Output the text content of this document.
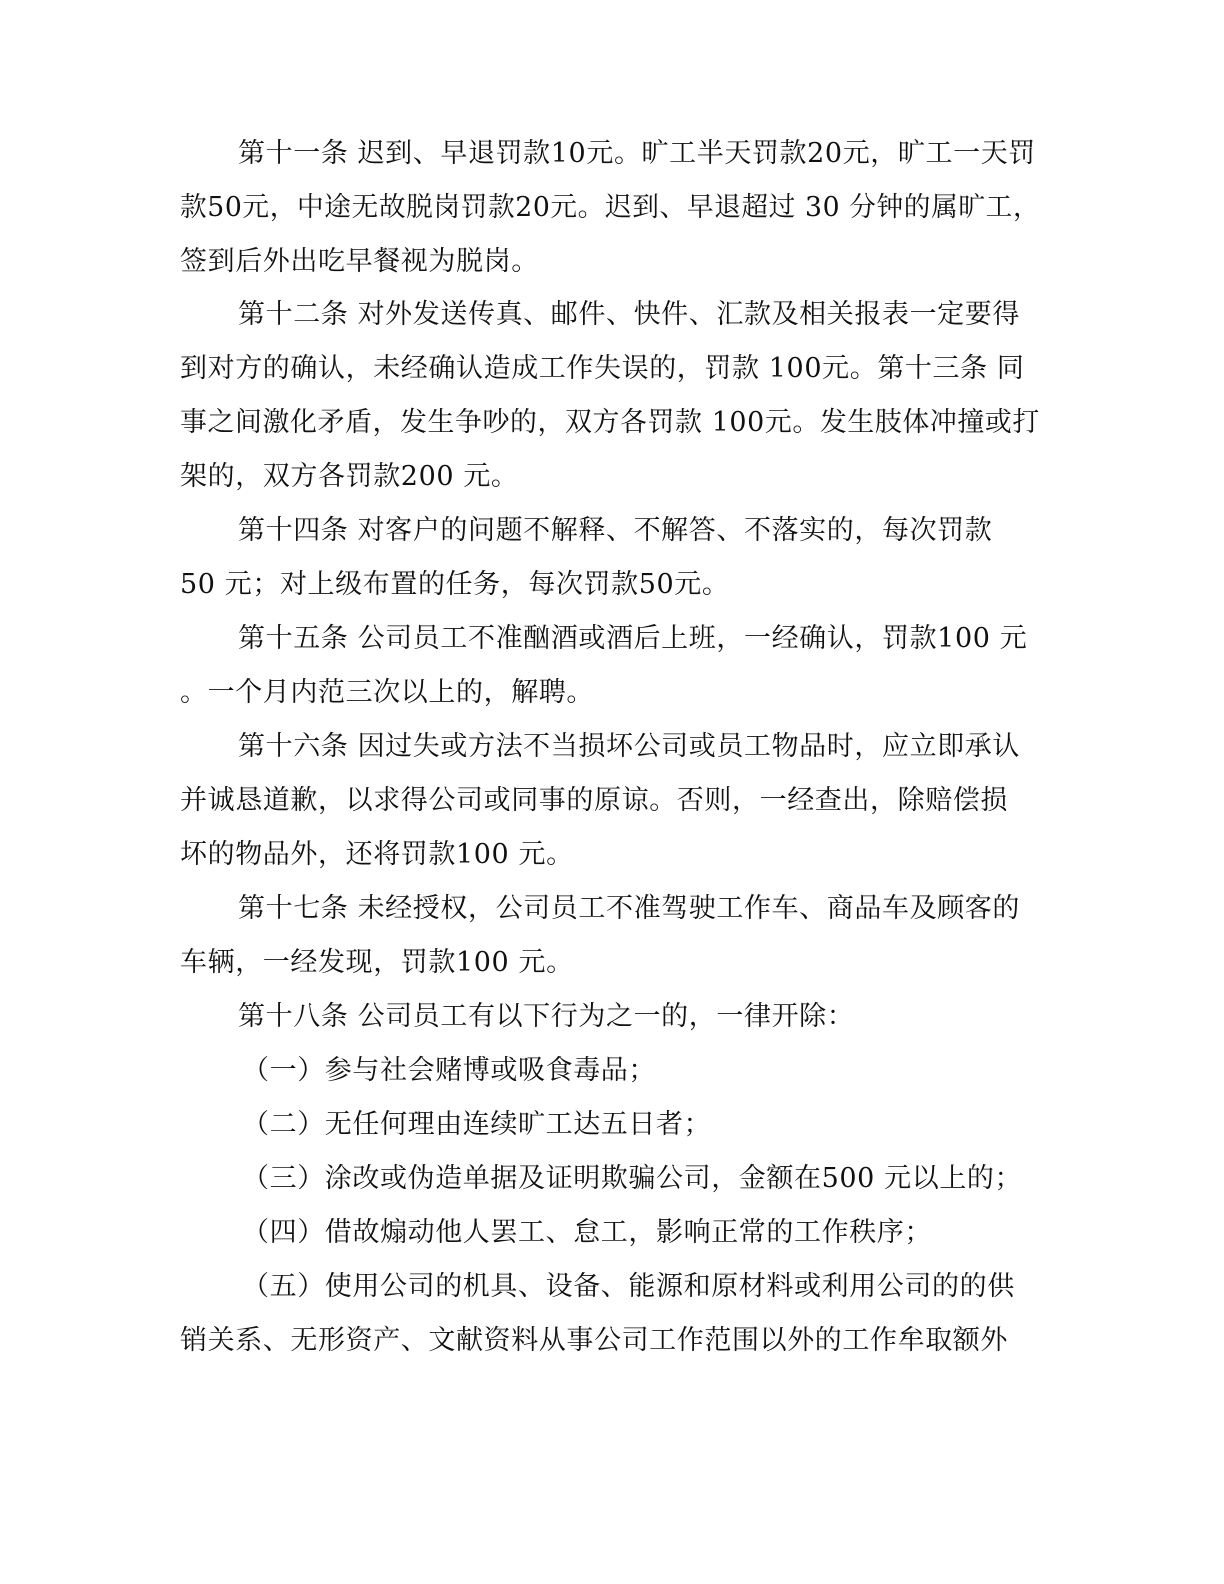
第十一条 迟到、早退罚款10元。旷工半天罚款20元，旷工一天罚
款50元，中途无故脱岗罚款20元。迟到、早退超过 30 分钟的属旷工，
签到后外出吃早餐视为脱岗。
第十二条 对外发送传真、邮件、快件、汇款及相关报表一定要得
到对方的确认，未经确认造成工作失误的，罚款 100元。第十三条 同
事之间激化矛盾，发生争吵的，双方各罚款 100元。发生肢体冲撞或打
架的，双方各罚款200 元。
第十四条 对客户的问题不解释、不解答、不落实的，每次罚款
50 元；对上级布置的任务，每次罚款50元。
第十五条 公司员工不准酗酒或酒后上班，一经确认，罚款100 元
。一个月内范三次以上的，解聘。
第十六条 因过失或方法不当损坏公司或员工物品时，应立即承认
并诚恳道歉，以求得公司或同事的原谅。否则，一经查出，除赔偿损
坏的物品外，还将罚款100 元。
第十七条 未经授权，公司员工不准驾驶工作车、商品车及顾客的
车辆，一经发现，罚款100 元。
第十八条 公司员工有以下行为之一的，一律开除：
（一）参与社会赌博或吸食毒品；
（二）无任何理由连续旷工达五日者；
（三）涂改或伪造单据及证明欺骗公司，金额在500 元以上的；
（四）借故煽动他人罢工、怠工，影响正常的工作秩序；
（五）使用公司的机具、设备、能源和原材料或利用公司的的供
销关系、无形资产、文献资料从事公司工作范围以外的工作牟取额外
